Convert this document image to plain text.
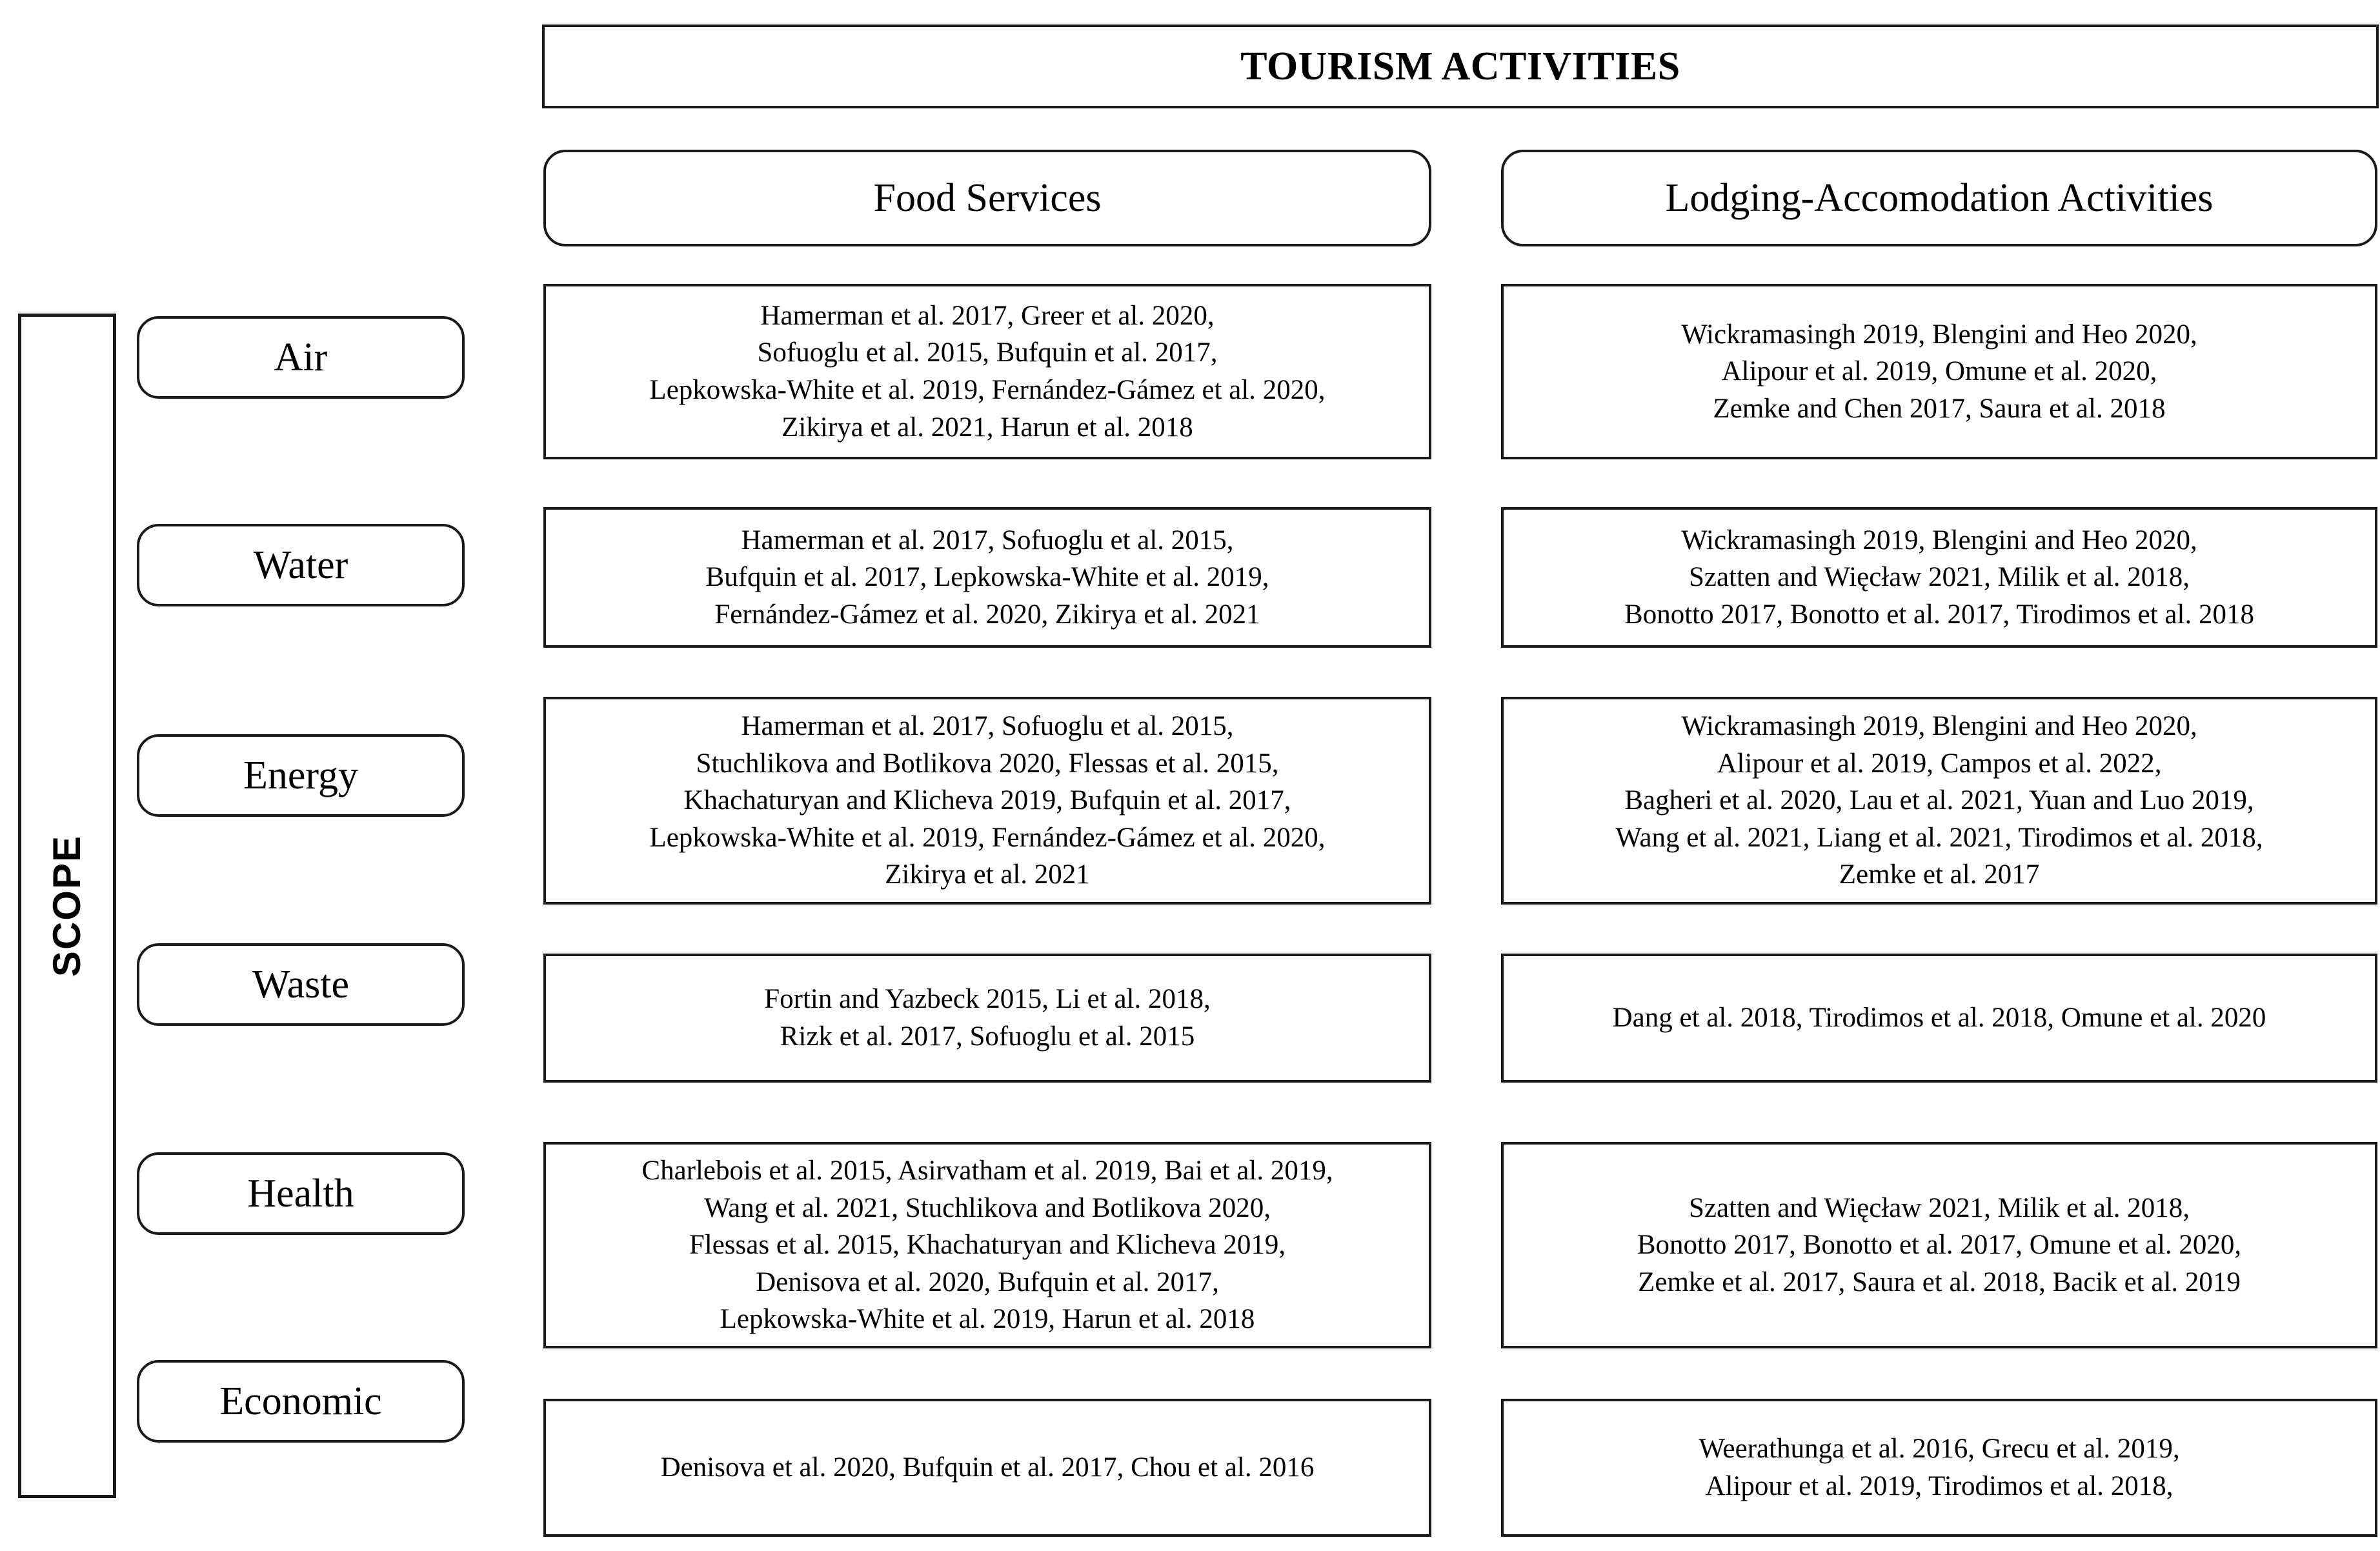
TOURISM ACTIVITIES
Food Services	Lodging-Accomodation Activities
SCOPE
Air
Water
Energy
Waste
Health
Economic
Hamerman et al. 2017, Greer et al. 2020,
Sofuoglu et al. 2015, Bufquin et al. 2017,
Lepkowska-White et al. 2019, Fernández-Gámez et al. 2020,
Zikirya et al. 2021, Harun et al. 2018
Hamerman et al. 2017, Sofuoglu et al. 2015,
Bufquin et al. 2017, Lepkowska-White et al. 2019,
Fernández-Gámez et al. 2020, Zikirya et al. 2021
Hamerman et al. 2017, Sofuoglu et al. 2015,
Stuchlikova and Botlikova 2020, Flessas et al. 2015,
Khachaturyan and Klicheva 2019, Bufquin et al. 2017,
Lepkowska-White et al. 2019, Fernández-Gámez et al. 2020,
Zikirya et al. 2021
Fortin and Yazbeck 2015, Li et al. 2018,
Rizk et al. 2017, Sofuoglu et al. 2015
Charlebois et al. 2015, Asirvatham et al. 2019, Bai et al. 2019,
Wang et al. 2021, Stuchlikova and Botlikova 2020,
Flessas et al. 2015, Khachaturyan and Klicheva 2019,
Denisova et al. 2020, Bufquin et al. 2017,
Lepkowska-White et al. 2019, Harun et al. 2018
Denisova et al. 2020, Bufquin et al. 2017, Chou et al. 2016
Wickramasingh 2019, Blengini and Heo 2020,
Alipour et al. 2019, Omune et al. 2020,
Zemke and Chen 2017, Saura et al. 2018
Wickramasingh 2019, Blengini and Heo 2020,
Szatten and Więcław 2021, Milik et al. 2018,
Bonotto 2017, Bonotto et al. 2017, Tirodimos et al. 2018
Wickramasingh 2019, Blengini and Heo 2020,
Alipour et al. 2019, Campos et al. 2022,
Bagheri et al. 2020, Lau et al. 2021, Yuan and Luo 2019,
Wang et al. 2021, Liang et al. 2021, Tirodimos et al. 2018,
Zemke et al. 2017
Dang et al. 2018, Tirodimos et al. 2018, Omune et al. 2020
Szatten and Więcław 2021, Milik et al. 2018,
Bonotto 2017, Bonotto et al. 2017, Omune et al. 2020,
Zemke et al. 2017, Saura et al. 2018, Bacik et al. 2019
Weerathunga et al. 2016, Grecu et al. 2019,
Alipour et al. 2019, Tirodimos et al. 2018,
